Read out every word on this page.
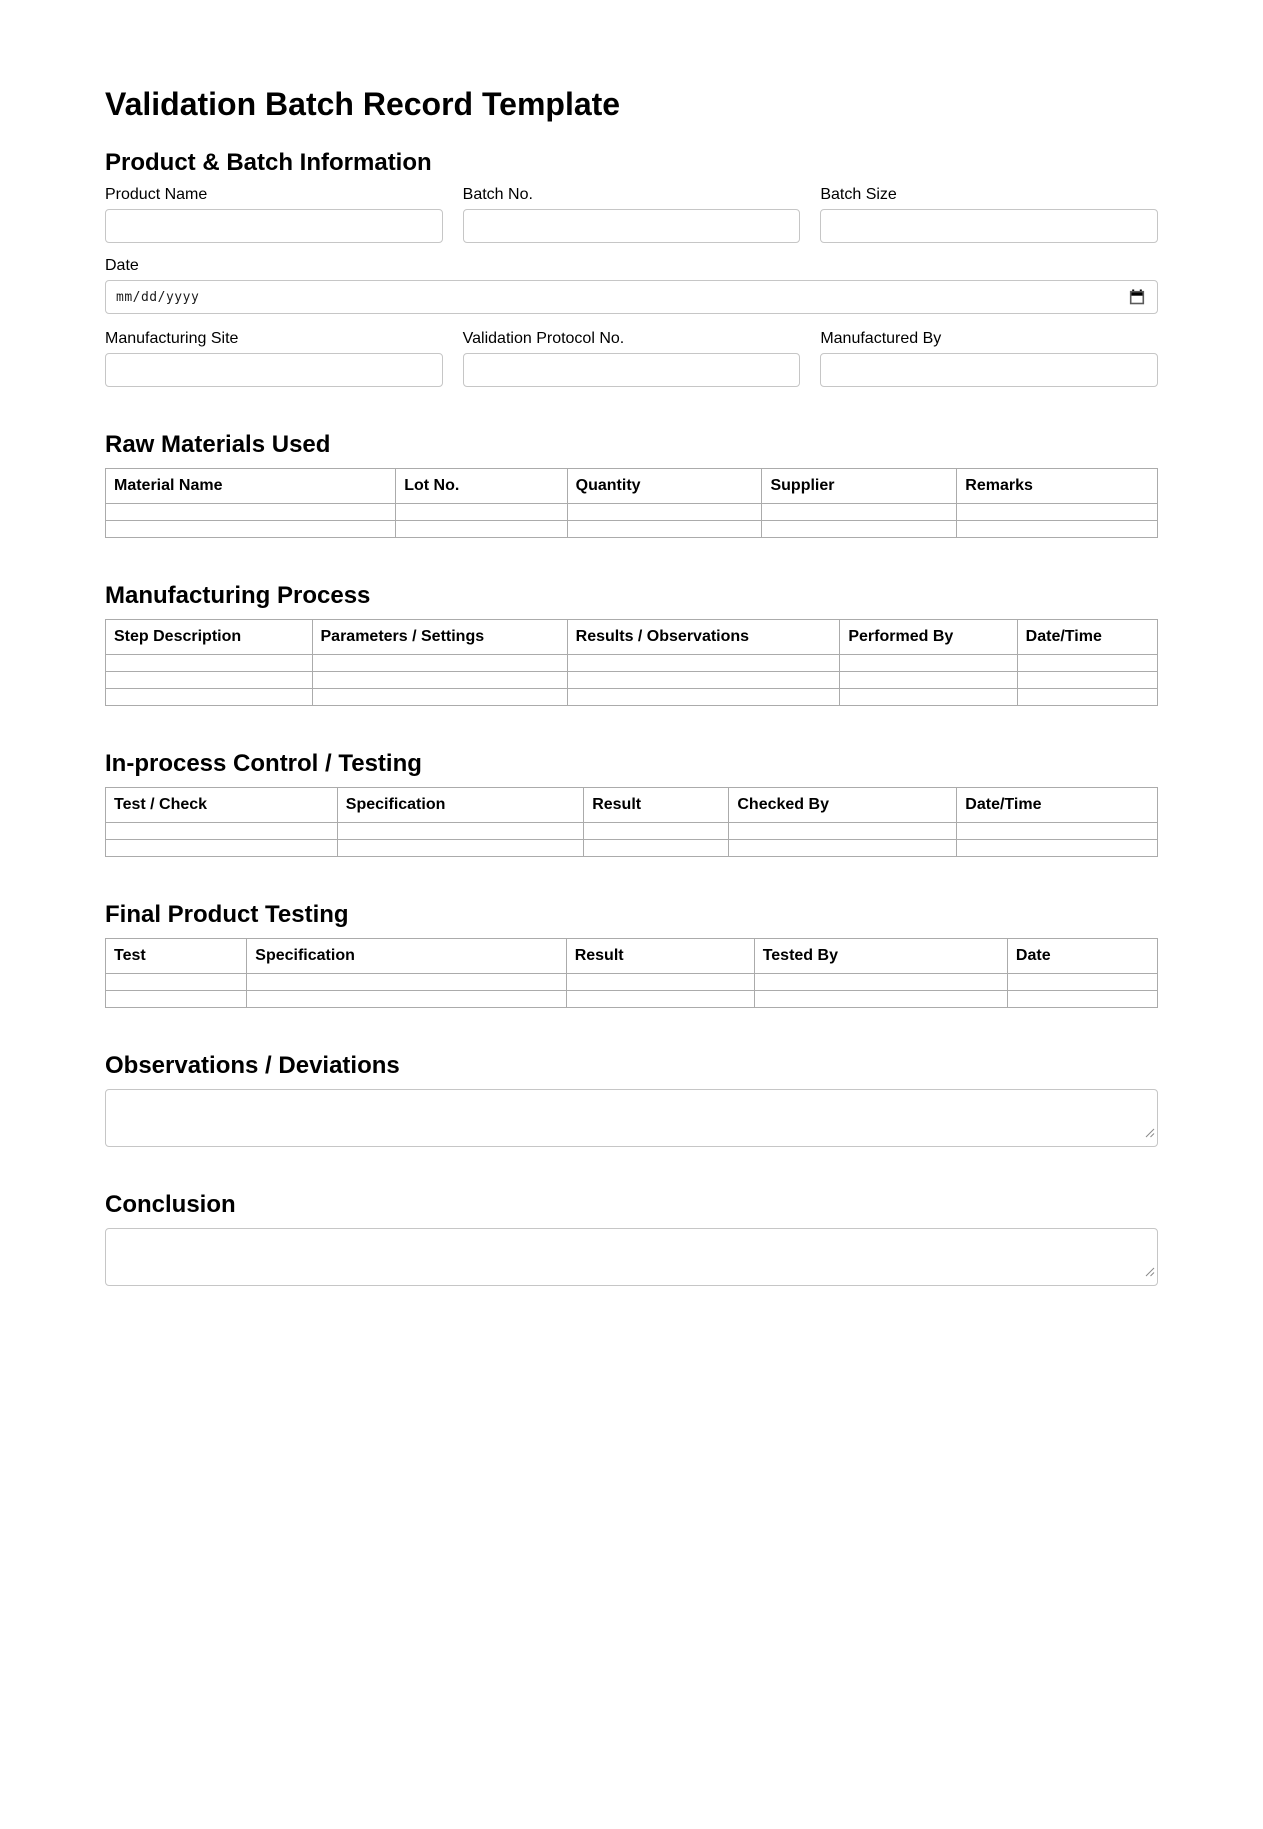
Validation Batch Record Template
Product & Batch Information
Product Name	Batch No.	Batch Size
Date
mm/dd/yyyy
Manufacturing Site	Validation Protocol No.	Manufactured By
Raw Materials Used
Material Name	Lot No.	Quantity	Supplier	Remarks

Manufacturing Process
Step Description	Parameters / Settings	Results / Observations	Performed By	Date/Time

In-process Control / Testing
Test / Check	Specification	Result	Checked By	Date/Time

Final Product Testing
Test	Specification	Result	Tested By	Date

Observations / Deviations
Conclusion
